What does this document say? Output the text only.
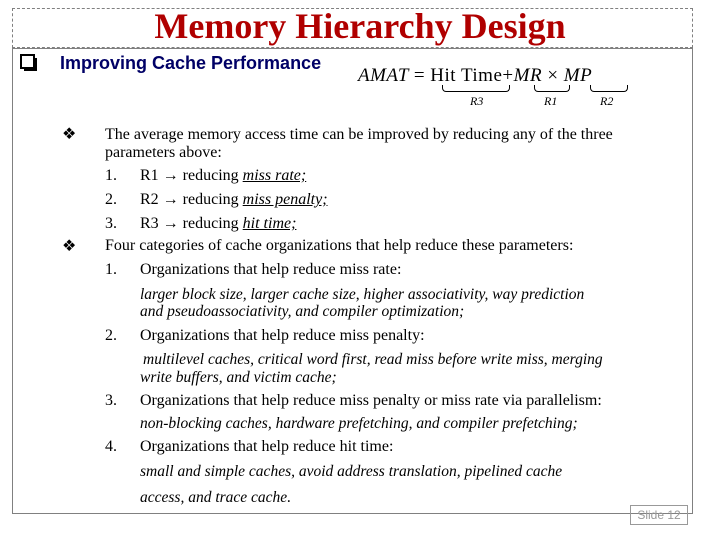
Memory Hierarchy Design
Improving Cache Performance
AMAT = Hit Time+MR × MP
R3	R1	R2
❖ The average memory access time can be improved by reducing any of the three

parameters above:

1. R1 → reducing miss rate;

2. R2 → reducing miss penalty;

3. R3 → reducing hit time;

❖ Four categories of cache organizations that help reduce these parameters:

1. Organizations that help reduce miss rate:

larger block size, larger cache size, higher associativity, way prediction

and pseudoassociativity, and compiler optimization;

2. Organizations that help reduce miss penalty:

multilevel caches, critical word first, read miss before write miss, merging

write buffers, and victim cache;

3. Organizations that help reduce miss penalty or miss rate via parallelism:

non-blocking caches, hardware prefetching, and compiler prefetching;

4. Organizations that help reduce hit time:

small and simple caches, avoid address translation, pipelined cache

access, and trace cache.

Slide 12
